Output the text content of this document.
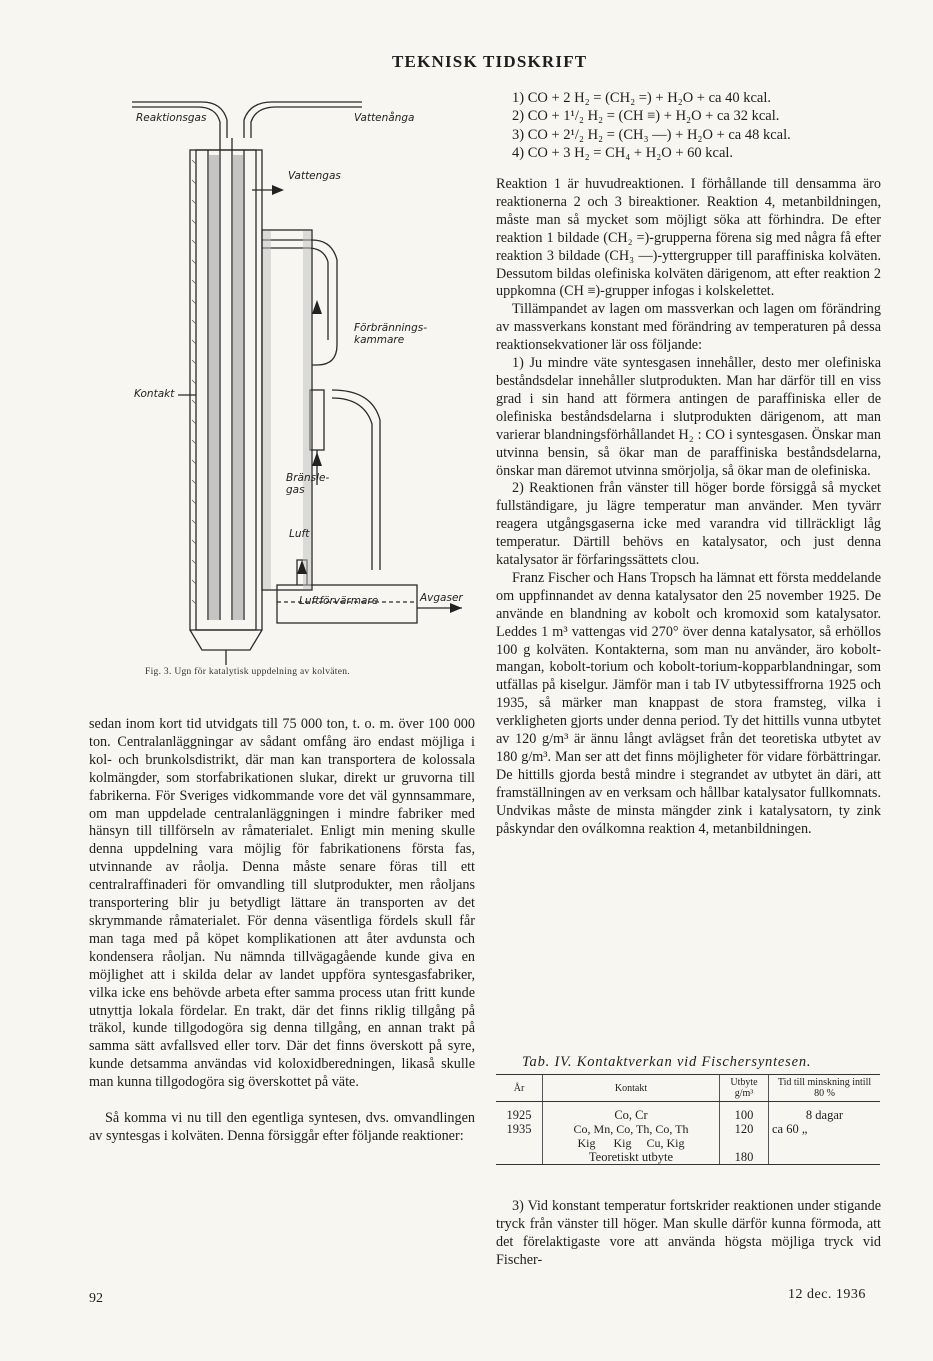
TEKNISK TIDSKRIFT
Reaktionsgas	Vattenånga
Vattengas
Förbrännings-
kammare
Kontakt
Bränsle-
gas
Luft
Luftförvärmare	Avgaser
Fig. 3. Ugn för katalytisk uppdelning av kolväten.

sedan inom kort tid utvidgats till 75 000 ton, t. o. m. över 100 000 ton. Centralanläggningar av sådant omfång äro endast möjliga i kol- och brunkolsdistrikt, där man kan transportera de kolossala kolmängder, som storfabrikationen slukar, direkt ur gruvorna till fabrikerna. För Sveriges vidkommande vore det väl gynnsammare, om man uppdelade centralanläggningen i mindre fabriker med hänsyn till tillförseln av råmaterialet. Enligt min mening skulle denna uppdelning vara möjlig för fabrikationens första fas, utvinnande av råolja. Denna måste senare föras till ett centralraffinaderi för omvandling till slutprodukter, men råoljans transportering blir ju betydligt lättare än transporten av det skrymmande råmaterialet. För denna väsentliga fördels skull får man taga med på köpet komplikationen att åter avdunsta och kondensera råoljan. Nu nämnda tillvägagående kunde giva en möjlighet att i skilda delar av landet uppföra syntesgasfabriker, vilka icke ens behövde arbeta efter samma process utan fritt kunde utnyttja lokala fördelar. En trakt, där det finns riklig tillgång på träkol, kunde tillgodogöra sig denna tillgång, en annan trakt på samma sätt avfallsved eller torv. Där det finns överskott på syre, kunde detsamma användas vid koloxidberedningen, likaså skulle man kunna tillgodogöra sig överskottet på väte.

Så komma vi nu till den egentliga syntesen, dvs. omvandlingen av syntesgas i kolväten. Denna försiggår efter följande reaktioner:

1) CO + 2 H₂ = (CH₂ =) + H₂O + ca 40 kcal.
2) CO + 1¹/₂ H₂ = (CH ≡) + H₂O + ca 32 kcal.
3) CO + 2¹/₂ H₂ = (CH₃ —) + H₂O + ca 48 kcal.
4) CO + 3 H₂ = CH₄ + H₂O + 60 kcal.

Reaktion 1 är huvudreaktionen. I förhållande till densamma äro reaktionerna 2 och 3 bireaktioner. Reaktion 4, metanbildningen, måste man så mycket som möjligt söka att förhindra. De efter reaktion 1 bildade (CH₂ =)-grupperna förena sig med några få efter reaktion 3 bildade (CH₃ —)-yttergrupper till paraffiniska kolväten. Dessutom bildas olefiniska kolväten därigenom, att efter reaktion 2 uppkomna (CH ≡)-grupper infogas i kolskelettet.

Tillämpandet av lagen om massverkan och lagen om förändring av massverkans konstant med förändring av temperaturen på dessa reaktionsekvationer lär oss följande:

1) Ju mindre väte syntesgasen innehåller, desto mer olefiniska beståndsdelar innehåller slutprodukten. Man har därför till en viss grad i sin hand att förmera antingen de paraffiniska eller de olefiniska beståndsdelarna i slutprodukten därigenom, att man varierar blandningsförhållandet H₂ : CO i syntesgasen. Önskar man utvinna bensin, så ökar man de paraffiniska beståndsdelarna, önskar man däremot utvinna smörjolja, så ökar man de olefiniska.

2) Reaktionen från vänster till höger borde försiggå så mycket fullständigare, ju lägre temperatur man använder. Men tyvärr reagera utgångsgaserna icke med varandra vid tillräckligt låg temperatur. Därtill behövs en katalysator, och just denna katalysator är förfaringssättets clou.

Franz Fischer och Hans Tropsch ha lämnat ett första meddelande om uppfinnandet av denna katalysator den 25 november 1925. De använde en blandning av kobolt och kromoxid som katalysator. Leddes 1 m³ vattengas vid 270° över denna katalysator, så erhöllos 100 g kolväten. Kontakterna, som man nu använder, äro kobolt-mangan, kobolt-torium och kobolt-torium-kopparblandningar, som utfällas på kiselgur. Jämför man i tab IV utbytessiffrorna 1925 och 1935, så märker man knappast de stora framsteg, vilka i verkligheten gjorts under denna period. Ty det hittills vunna utbytet av 120 g/m³ är ännu långt avlägset från det teoretiska utbytet av 180 g/m³. Man ser att det finns möjligheter för vidare förbättringar. De hittills gjorda bestå mindre i stegrandet av utbytet än däri, att framställningen av en verksam och hållbar katalysator fullkomnats. Undvikas måste de minsta mängder zink i katalysatorn, ty zink påskyndar den oválkomna reaktion 4, metanbildningen.

Tab. IV. Kontaktverkan vid Fischersyntesen.
År	Kontakt	Utbyte g/m³	Tid till minskning intill 80 %

1925	Co, Cr	100	8 dagar
1935	Co, Mn, Co, Th, Co, Th
Kig      Kig     Cu, Kig	120	ca 60 „
	Teoretiskt utbyte	180	

3) Vid konstant temperatur fortskrider reaktionen under stigande tryck från vänster till höger. Man skulle därför kunna förmoda, att det förelaktigaste vore att använda högsta möjliga tryck vid Fischer-

92	12 dec. 1936
